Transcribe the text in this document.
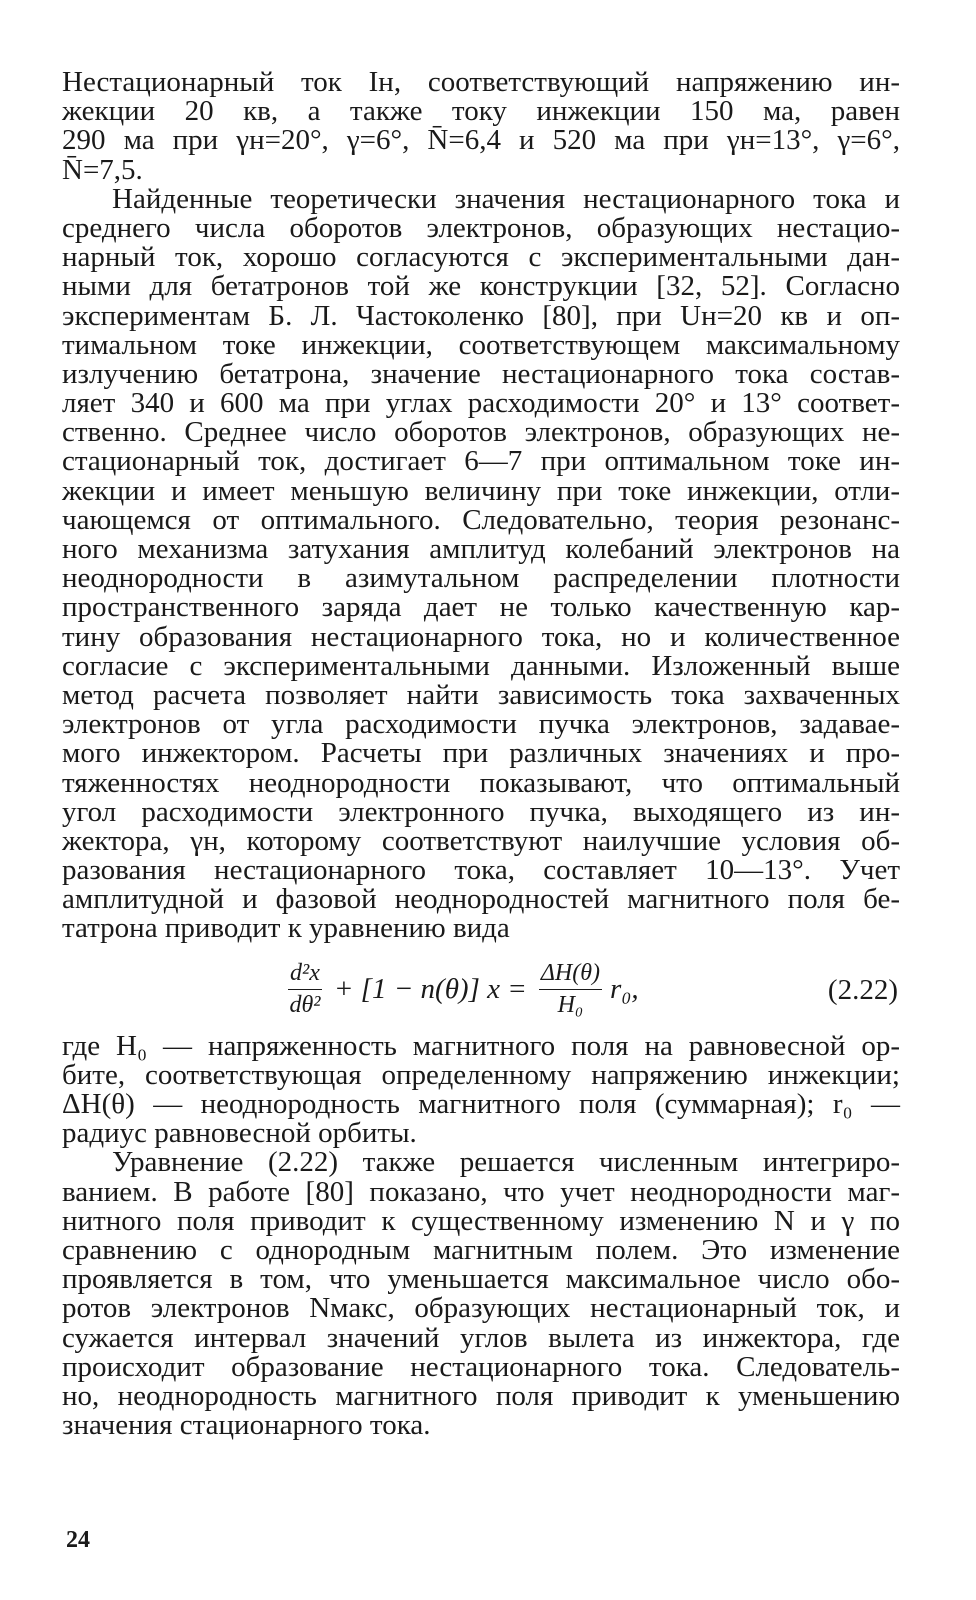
Нестационарный ток Iн, соответствующий напряжению ин-
жекции 20 кв, а также току инжекции 150 ма, равен
290 ма при γн=20°, γ=6°, N̄=6,4 и 520 ма при γн=13°, γ=6°,
N̄=7,5.
Найденные теоретически значения нестационарного тока и
среднего числа оборотов электронов, образующих нестацио-
нарный ток, хорошо согласуются с экспериментальными дан-
ными для бетатронов той же конструкции [32, 52]. Согласно
экспериментам Б. Л. Частоколенко [80], при Uн=20 кв и оп-
тимальном токе инжекции, соответствующем максимальному
излучению бетатрона, значение нестационарного тока состав-
ляет 340 и 600 ма при углах расходимости 20° и 13° соответ-
ственно. Среднее число оборотов электронов, образующих не-
стационарный ток, достигает 6—7 при оптимальном токе ин-
жекции и имеет меньшую величину при токе инжекции, отли-
чающемся от оптимального. Следовательно, теория резонанс-
ного механизма затухания амплитуд колебаний электронов на
неоднородности в азимутальном распределении плотности
пространственного заряда дает не только качественную кар-
тину образования нестационарного тока, но и количественное
согласие с экспериментальными данными. Изложенный выше
метод расчета позволяет найти зависимость тока захваченных
электронов от угла расходимости пучка электронов, задавае-
мого инжектором. Расчеты при различных значениях и про-
тяженностях неоднородности показывают, что оптимальный
угол расходимости электронного пучка, выходящего из ин-
жектора, γн, которому соответствуют наилучшие условия об-
разования нестационарного тока, составляет 10—13°. Учет
амплитудной и фазовой неоднородностей магнитного поля бе-
татрона приводит к уравнению вида
$\frac{\text{d²x}}{\text{dθ²}} + [1 - n(\theta)] x = \frac{\Delta H(\theta)}{\text{H₀}} r_0$,	(2.22)
где H₀ — напряженность магнитного поля на равновесной ор-
бите, соответствующая определенному напряжению инжекции;
ΔH(θ) — неоднородность магнитного поля (суммарная); r₀ —
радиус равновесной орбиты.
Уравнение (2.22) также решается численным интегриро-
ванием. В работе [80] показано, что учет неоднородности маг-
нитного поля приводит к существенному изменению N и γ по
сравнению с однородным магнитным полем. Это изменение
проявляется в том, что уменьшается максимальное число обо-
ротов электронов Nмакс, образующих нестационарный ток, и
сужается интервал значений углов вылета из инжектора, где
происходит образование нестационарного тока. Следователь-
но, неоднородность магнитного поля приводит к уменьшению
значения стационарного тока.
24
